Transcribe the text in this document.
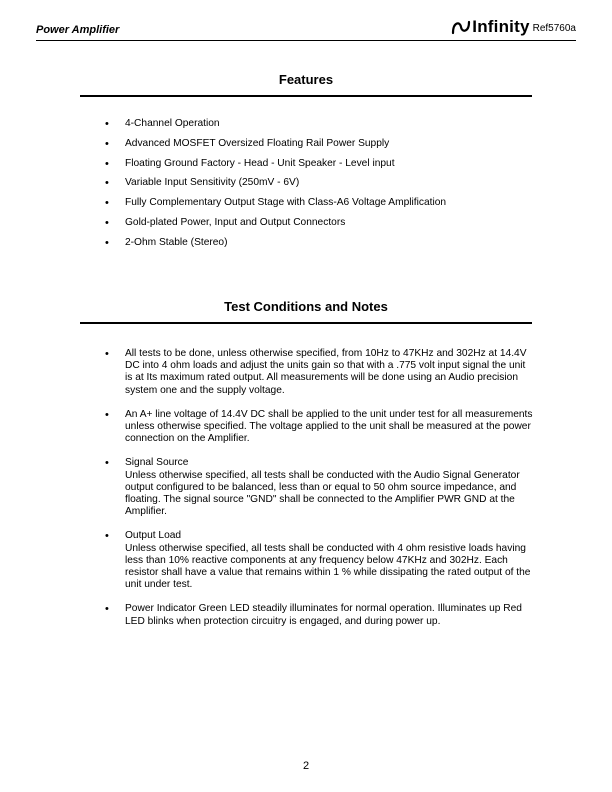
Power Amplifier	Infinity Ref5760a
Features
• 4-Channel Operation
• Advanced MOSFET Oversized Floating Rail Power Supply
• Floating Ground Factory - Head - Unit Speaker - Level input
• Variable Input Sensitivity (250mV - 6V)
• Fully Complementary Output Stage with Class-A6 Voltage Amplification
• Gold-plated Power, Input and Output Connectors
• 2-Ohm Stable (Stereo)
Test Conditions and Notes
• All tests to be done, unless otherwise specified, from 10Hz to 47KHz and 302Hz at 14.4V DC into 4 ohm loads and adjust the units gain so that with a .775 volt input signal the unit is at Its maximum rated output. All measurements will be done using an Audio precision system one and the supply voltage.
• An A+ line voltage of 14.4V DC shall be applied to the unit under test for all measurements unless otherwise specified. The voltage applied to the unit shall be measured at the power connection on the Amplifier.
• Signal Source
Unless otherwise specified, all tests shall be conducted with the Audio Signal Generator output configured to be balanced, less than or equal to 50 ohm source impedance, and floating. The signal source "GND" shall be connected to the Amplifier PWR GND at the Amplifier.
• Output Load
Unless otherwise specified, all tests shall be conducted with 4 ohm resistive loads having less than 10% reactive components at any frequency below 47KHz and 302Hz. Each resistor shall have a value that remains within 1 % while dissipating the rated output of the unit under test.
• Power Indicator Green LED steadily illuminates for normal operation. Illuminates up Red LED blinks when protection circuitry is engaged, and during power up.
2
